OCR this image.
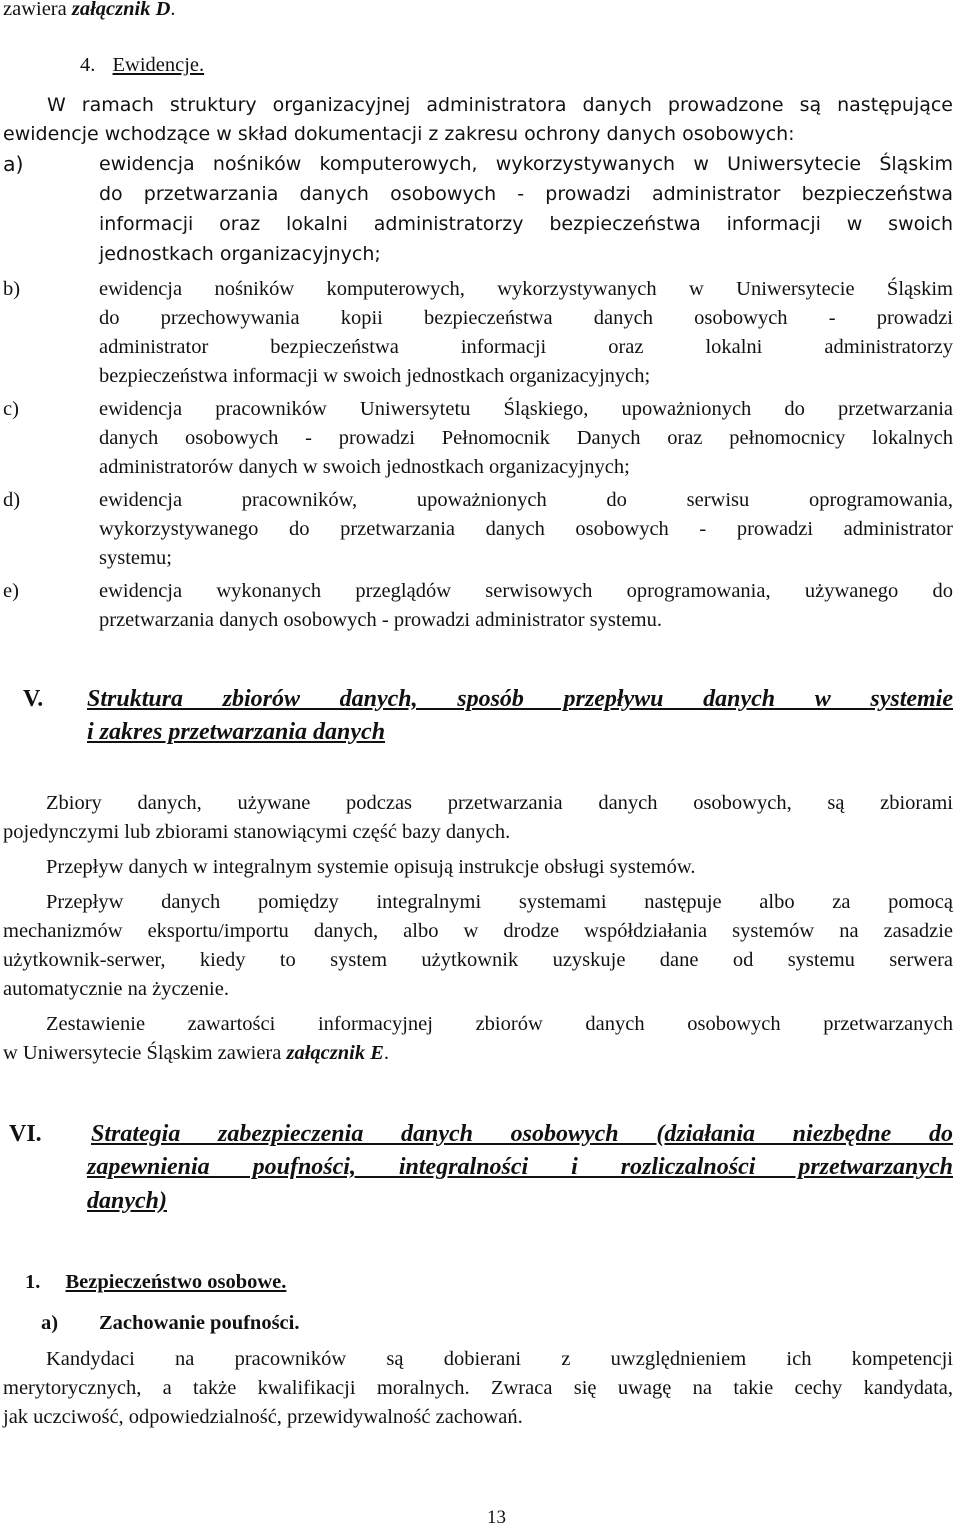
zawiera załącznik D.
4. Ewidencje.
W ramach struktury organizacyjnej administratora danych prowadzone są następujące
ewidencje wchodzące w skład dokumentacji z zakresu ochrony danych osobowych:
a)	ewidencja nośników komputerowych, wykorzystywanych w Uniwersytecie Śląskim
do przetwarzania danych osobowych - prowadzi administrator bezpieczeństwa
informacji oraz lokalni administratorzy bezpieczeństwa informacji w swoich
jednostkach organizacyjnych;
b)	ewidencja nośników komputerowych, wykorzystywanych w Uniwersytecie Śląskim
do przechowywania kopii bezpieczeństwa danych osobowych - prowadzi
administrator bezpieczeństwa informacji oraz lokalni administratorzy
bezpieczeństwa informacji w swoich jednostkach organizacyjnych;
c)	ewidencja pracowników Uniwersytetu Śląskiego, upoważnionych do przetwarzania
danych osobowych - prowadzi Pełnomocnik Danych oraz pełnomocnicy lokalnych
administratorów danych w swoich jednostkach organizacyjnych;
d)	ewidencja pracowników, upoważnionych do serwisu oprogramowania,
wykorzystywanego do przetwarzania danych osobowych - prowadzi administrator
systemu;
e)	ewidencja wykonanych przeglądów serwisowych oprogramowania, używanego do
przetwarzania danych osobowych - prowadzi administrator systemu.
V. Struktura zbiorów danych, sposób przepływu danych w systemie
i zakres przetwarzania danych
Zbiory danych, używane podczas przetwarzania danych osobowych, są zbiorami
pojedynczymi lub zbiorami stanowiącymi część bazy danych.
Przepływ danych w integralnym systemie opisują instrukcje obsługi systemów.
Przepływ danych pomiędzy integralnymi systemami następuje albo za pomocą
mechanizmów eksportu/importu danych, albo w drodze współdziałania systemów na zasadzie
użytkownik-serwer, kiedy to system użytkownik uzyskuje dane od systemu serwera
automatycznie na życzenie.
Zestawienie zawartości informacyjnej zbiorów danych osobowych przetwarzanych
w Uniwersytecie Śląskim zawiera załącznik E.
VI. Strategia zabezpieczenia danych osobowych (działania niezbędne do
zapewnienia poufności, integralności i rozliczalności przetwarzanych
danych)
1. Bezpieczeństwo osobowe.
a) Zachowanie poufności.
Kandydaci na pracowników są dobierani z uwzględnieniem ich kompetencji
merytorycznych, a także kwalifikacji moralnych. Zwraca się uwagę na takie cechy kandydata,
jak uczciwość, odpowiedzialność, przewidywalność zachowań.
13
